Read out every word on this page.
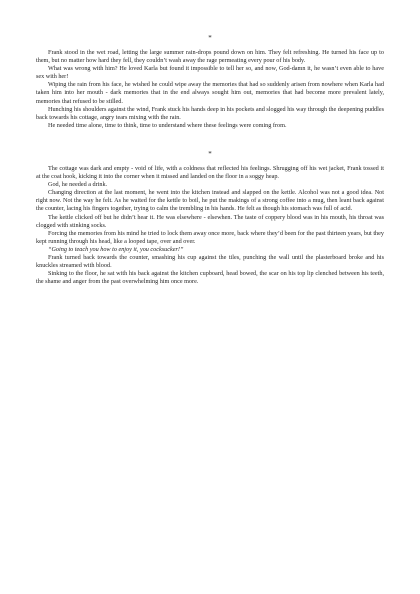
*

Frank stood in the wet road, letting the large summer rain-drops pound down on him. They felt refreshing. He turned his face up to them, but no matter how hard they fell, they couldn’t wash away the rage permeating every pour of his body.

What was wrong with him? He loved Karla but found it impossible to tell her so, and now, God-damn it, he wasn’t even able to have sex with her!

Wiping the rain from his face, he wished he could wipe away the memories that had so suddenly arisen from nowhere when Karla had taken him into her mouth - dark memories that in the end always sought him out, memories that had become more prevalent lately, memories that refused to be stilled.

Hunching his shoulders against the wind, Frank stuck his hands deep in his pockets and slogged his way through the deepening puddles back towards his cottage, angry tears mixing with the rain.

He needed time alone, time to think, time to understand where these feelings were coming from.

*

The cottage was dark and empty - void of life, with a coldness that reflected his feelings. Shrugging off his wet jacket, Frank tossed it at the coat hook, kicking it into the corner when it missed and landed on the floor in a soggy heap.

God, he needed a drink.

Changing direction at the last moment, he went into the kitchen instead and slapped on the kettle. Alcohol was not a good idea. Not right now. Not the way he felt. As he waited for the kettle to boil, he put the makings of a strong coffee into a mug, then leant back against the counter, lacing his fingers together, trying to calm the trembling in his hands. He felt as though his stomach was full of acid.

The kettle clicked off but he didn’t hear it. He was elsewhere - elsewhen. The taste of coppery blood was in his mouth, his throat was clogged with stinking socks.

Forcing the memories from his mind he tried to lock them away once more, back where they’d been for the past thirteen years, but they kept running through his head, like a looped tape, over and over.

“Going to teach you how to enjoy it, you cocksucker!”

Frank turned back towards the counter, smashing his cup against the tiles, punching the wall until the plasterboard broke and his knuckles streamed with blood.

Sinking to the floor, he sat with his back against the kitchen cupboard, head bowed, the scar on his top lip clenched between his teeth, the shame and anger from the past overwhelming him once more.
